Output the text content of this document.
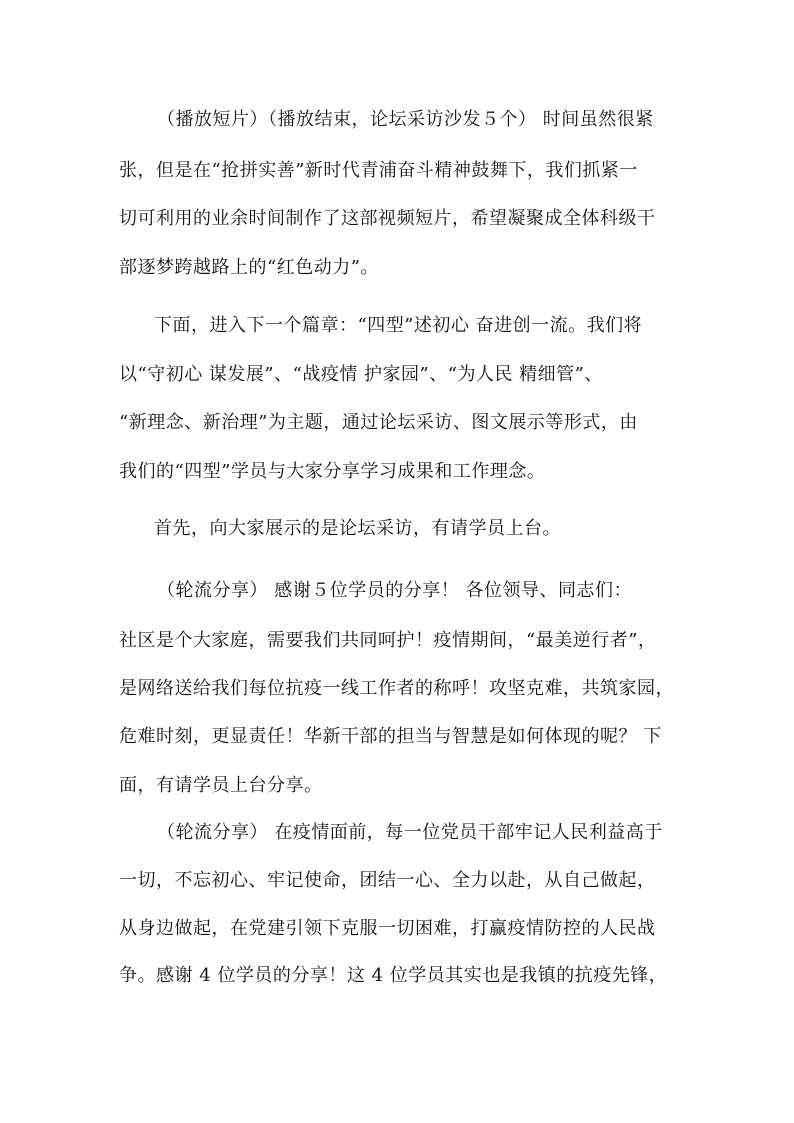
（播放短片）（播放结束，论坛采访沙发５个） 时间虽然很紧
张，但是在“抢拼实善”新时代青浦奋斗精神鼓舞下，我们抓紧一
切可利用的业余时间制作了这部视频短片，希望凝聚成全体科级干
部逐梦跨越路上的“红色动力”。
下面，进入下一个篇章：“四型”述初心 奋进创一流。我们将
以“守初心 谋发展”、“战疫情 护家园”、“为人民 精细管”、
“新理念、新治理”为主题，通过论坛采访、图文展示等形式，由
我们的“四型”学员与大家分享学习成果和工作理念。
首先，向大家展示的是论坛采访，有请学员上台。
（轮流分享） 感谢５位学员的分享！ 各位领导、同志们：
社区是个大家庭，需要我们共同呵护！疫情期间，“最美逆行者”，
是网络送给我们每位抗疫一线工作者的称呼！攻坚克难，共筑家园，
危难时刻，更显责任！华新干部的担当与智慧是如何体现的呢？ 下
面，有请学员上台分享。
（轮流分享） 在疫情面前，每一位党员干部牢记人民利益高于
一切，不忘初心、牢记使命，团结一心、全力以赴，从自己做起，
从身边做起，在党建引领下克服一切困难，打赢疫情防控的人民战
争。感谢 4 位学员的分享！这 4 位学员其实也是我镇的抗疫先锋，
